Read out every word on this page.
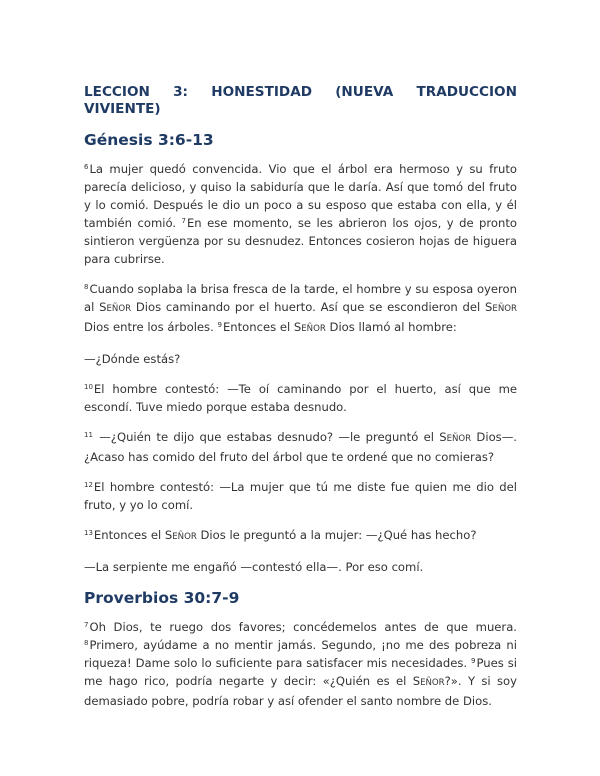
LECCION 3: HONESTIDAD (NUEVA TRADUCCION VIVIENTE)
Génesis 3:6-13

$^6$La mujer quedó convencida. Vio que el árbol era hermoso y su fruto parecía delicioso, y quiso la sabiduría que le daría. Así que tomó del fruto y lo comió. Después le dio un poco a su esposo que estaba con ella, y él también comió. $^7$En ese momento, se les abrieron los ojos, y de pronto sintieron vergüenza por su desnudez. Entonces cosieron hojas de higuera para cubrirse.

$^8$Cuando soplaba la brisa fresca de la tarde, el hombre y su esposa oyeron al SEÑOR Dios caminando por el huerto. Así que se escondieron del SEÑOR Dios entre los árboles. $^9$Entonces el SEÑOR Dios llamó al hombre:

—¿Dónde estás?

$^{10}$El hombre contestó: —Te oí caminando por el huerto, así que me escondí. Tuve miedo porque estaba desnudo.

$^{11}$ —¿Quién te dijo que estabas desnudo? —le preguntó el SEÑOR Dios—. ¿Acaso has comido del fruto del árbol que te ordené que no comieras?

$^{12}$El hombre contestó: —La mujer que tú me diste fue quien me dio del fruto, y yo lo comí.

$^{13}$Entonces el SEÑOR Dios le preguntó a la mujer: —¿Qué has hecho?

—La serpiente me engañó —contestó ella—. Por eso comí.

Proverbios 30:7-9

$^7$Oh Dios, te ruego dos favores; concédemelos antes de que muera. $^8$Primero, ayúdame a no mentir jamás. Segundo, ¡no me des pobreza ni riqueza! Dame solo lo suficiente para satisfacer mis necesidades. $^9$Pues si me hago rico, podría negarte y decir: «¿Quién es el SEÑOR?». Y si soy demasiado pobre, podría robar y así ofender el santo nombre de Dios.
